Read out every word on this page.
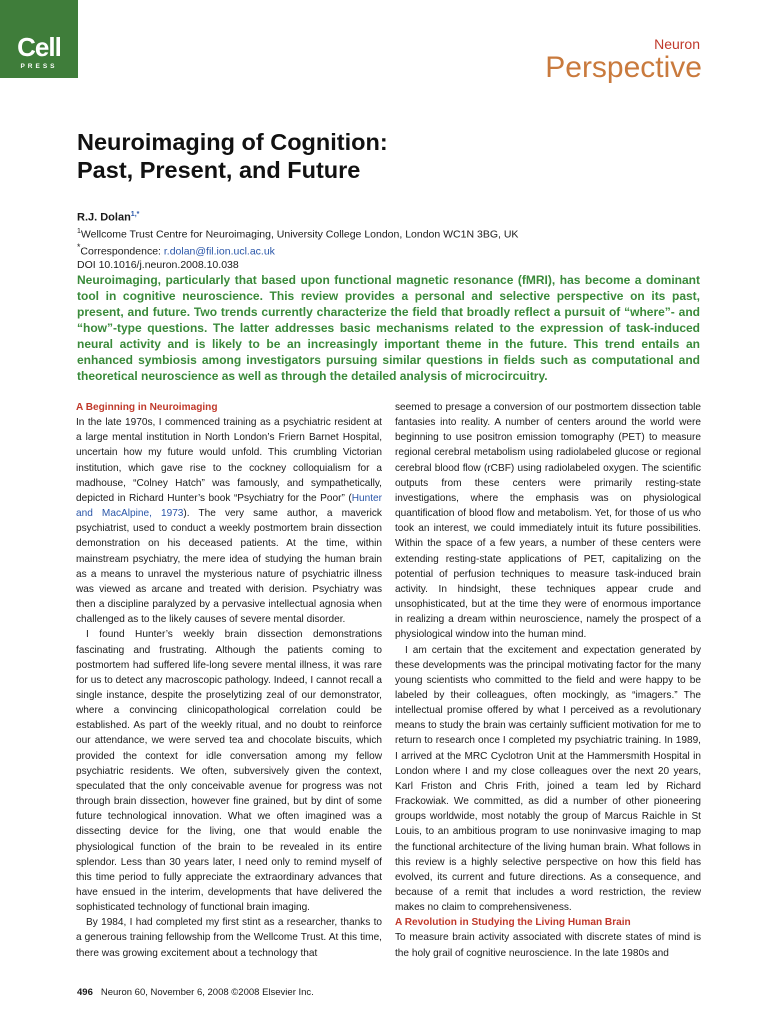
Cell
PRESS
Neuron
Perspective
Neuroimaging of Cognition:
Past, Present, and Future
R.J. Dolan$^{1,*}$
$^1$Wellcome Trust Centre for Neuroimaging, University College London, London WC1N 3BG, UK
*Correspondence: r.dolan@fil.ion.ucl.ac.uk
DOI 10.1016/j.neuron.2008.10.038

Neuroimaging, particularly that based upon functional magnetic resonance (fMRI), has become a dominant tool in cognitive neuroscience. This review provides a personal and selective perspective on its past, present, and future. Two trends currently characterize the field that broadly reflect a pursuit of “where”- and “how”-type questions. The latter addresses basic mechanisms related to the expression of task-induced neural activity and is likely to be an increasingly important theme in the future. This trend entails an enhanced symbiosis among investigators pursuing similar questions in fields such as computational and theoretical neuroscience as well as through the detailed analysis of microcircuitry.

A Beginning in Neuroimaging

In the late 1970s, I commenced training as a psychiatric resident at a large mental institution in North London’s Friern Barnet Hospital, uncertain how my future would unfold. This crumbling Victorian institution, which gave rise to the cockney colloquialism for a madhouse, “Colney Hatch” was famously, and sympathetically, depicted in Richard Hunter’s book “Psychiatry for the Poor” (Hunter and MacAlpine, 1973). The very same author, a maverick psychiatrist, used to conduct a weekly postmortem brain dissection demonstration on his deceased patients. At the time, within mainstream psychiatry, the mere idea of studying the human brain as a means to unravel the mysterious nature of psychiatric illness was viewed as arcane and treated with derision. Psychiatry was then a discipline paralyzed by a pervasive intellectual agnosia when challenged as to the likely causes of severe mental disorder.

I found Hunter’s weekly brain dissection demonstrations fascinating and frustrating. Although the patients coming to postmortem had suffered life-long severe mental illness, it was rare for us to detect any macroscopic pathology. Indeed, I cannot recall a single instance, despite the proselytizing zeal of our demonstrator, where a convincing clinicopathological correlation could be established. As part of the weekly ritual, and no doubt to reinforce our attendance, we were served tea and chocolate biscuits, which provided the context for idle conversation among my fellow psychiatric residents. We often, subversively given the context, speculated that the only conceivable avenue for progress was not through brain dissection, however fine grained, but by dint of some future technological innovation. What we often imagined was a dissecting device for the living, one that would enable the physiological function of the brain to be revealed in its entire splendor. Less than 30 years later, I need only to remind myself of this time period to fully appreciate the extraordinary advances that have ensued in the interim, developments that have delivered the sophisticated technology of functional brain imaging.

By 1984, I had completed my first stint as a researcher, thanks to a generous training fellowship from the Wellcome Trust. At this time, there was growing excitement about a technology that

seemed to presage a conversion of our postmortem dissection table fantasies into reality. A number of centers around the world were beginning to use positron emission tomography (PET) to measure regional cerebral metabolism using radiolabeled glucose or regional cerebral blood flow (rCBF) using radiolabeled oxygen. The scientific outputs from these centers were primarily resting-state investigations, where the emphasis was on physiological quantification of blood flow and metabolism. Yet, for those of us who took an interest, we could immediately intuit its future possibilities. Within the space of a few years, a number of these centers were extending resting-state applications of PET, capitalizing on the potential of perfusion techniques to measure task-induced brain activity. In hindsight, these techniques appear crude and unsophisticated, but at the time they were of enormous importance in realizing a dream within neuroscience, namely the prospect of a physiological window into the human mind.

I am certain that the excitement and expectation generated by these developments was the principal motivating factor for the many young scientists who committed to the field and were happy to be labeled by their colleagues, often mockingly, as “imagers.” The intellectual promise offered by what I perceived as a revolutionary means to study the brain was certainly sufficient motivation for me to return to research once I completed my psychiatric training. In 1989, I arrived at the MRC Cyclotron Unit at the Hammersmith Hospital in London where I and my close colleagues over the next 20 years, Karl Friston and Chris Frith, joined a team led by Richard Frackowiak. We committed, as did a number of other pioneering groups worldwide, most notably the group of Marcus Raichle in St Louis, to an ambitious program to use noninvasive imaging to map the functional architecture of the living human brain. What follows in this review is a highly selective perspective on how this field has evolved, its current and future directions. As a consequence, and because of a remit that includes a word restriction, the review makes no claim to comprehensiveness.

A Revolution in Studying the Living Human Brain

To measure brain activity associated with discrete states of mind is the holy grail of cognitive neuroscience. In the late 1980s and

496 Neuron 60, November 6, 2008 ©2008 Elsevier Inc.
